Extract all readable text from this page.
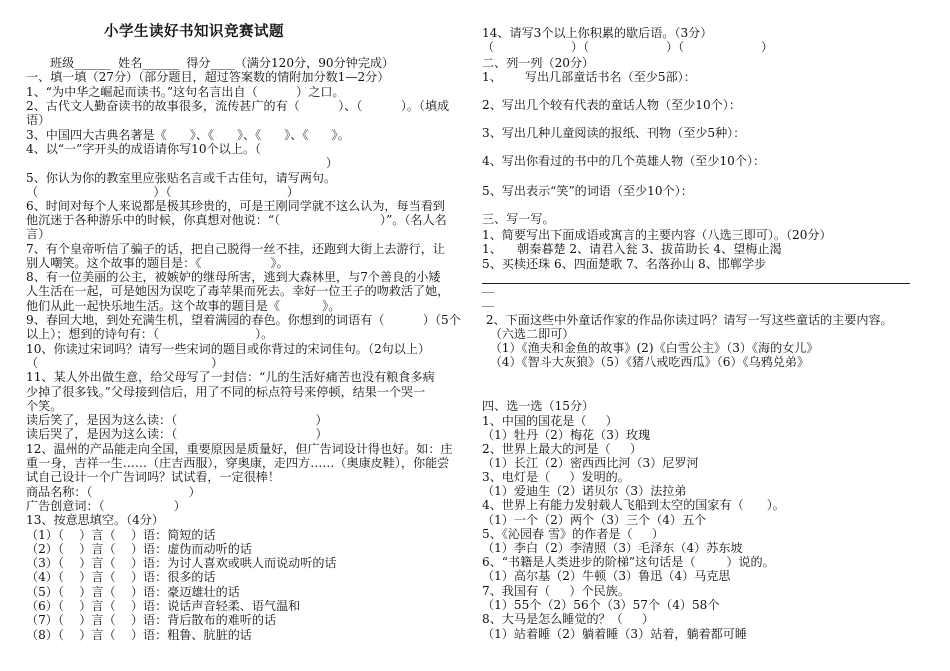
小学生读好书知识竞赛试题
班级______  姓名______  得分____（满分120分，90分钟完成）
一、填一填（27分）（部分题目，超过答案数的情附加分数1—2分）
1、“为中华之崛起而读书。”这句名言出自（          ）之口。
2、古代文人勤奋读书的故事很多，流传甚广的有（          ）、（          ）。（填成
语）
3、中国四大古典名著是《      》、《      》、《      》、《      》。
4、以“一”字开头的成语请你写10个以上。（
）
5、你认为你的教室里应张贴名言或千古佳句，请写两句。
（                              ）（                              ）
6、时间对每个人来说都是极其珍贵的，可是王刚同学就不这么认为，每当看到
他沉迷于各种游乐中的时候，你真想对他说：“（                          ）”。（名人名
言）
7、有个皇帝听信了骗子的话，把自己脱得一丝不挂，还跑到大街上去游行，让
别人嘲笑。这个故事的题目是：《                  》。
8、有一位美丽的公主，被嫉妒的继母所害，逃到大森林里，与7个善良的小矮
人生活在一起，可是她因为误吃了毒苹果而死去。幸好一位王子的吻救活了她，
他们从此一起快乐地生活。这个故事的题目是《           》。
9、春回大地，到处充满生机，望着满园的春色。你想到的词语有（          ）（5个
以上）；想到的诗句有：（                         ）。
10、你读过宋词吗？请写一些宋词的题目或你背过的宋词佳句。（2句以上）
（                                             ）
11、某人外出做生意，给父母写了一封信：“儿的生活好痛苦也没有粮食多病
少掉了很多钱。”父母接到信后，用了不同的标点符号来停顿，结果一个哭一
个笑。
读后笑了，是因为这么读：（                                    ）
读后哭了，是因为这么读：（                                    ）
12、温州的产品能走向全国，重要原因是质量好，但广告词设计得也好。如：庄
重一身，吉祥一生……（庄吉西服），穿奥康，走四方……（奥康皮鞋），你能尝
试自己设计一个广告词吗？试试看，一定很棒！
商品名称：（                         ）
广告创意词：（                  ）
13、按意思填空。（4分）
（1）（    ）言（    ）语：简短的话
（2）（    ）言（    ）语：虚伪而动听的话
（3）（    ）言（    ）语：为讨人喜欢或哄人而说动听的话
（4）（    ）言（    ）语：很多的话
（5）（    ）言（    ）语：豪迈雄壮的话
（6）（    ）言（    ）语：说话声音轻柔、语气温和
（7）（    ）言（    ）语：背后散布的难听的话
（8）（    ）言（    ）语：粗鲁、肮脏的话
14、请写3个以上你积累的歇后语。（3分）
（                    ）（                    ）（                    ）
二、列一列（20分）
1、      写出几部童话书名（至少5部）：
2、写出几个较有代表的童话人物（至少10个）：
3、写出几种儿童阅读的报纸、刊物（至少5种）：
4、写出你看过的书中的几个英雄人物（至少10个）：
5、写出表示“笑”的词语（至少10个）：
三、写一写。
1、简要写出下面成语或寓言的主要内容（八选三即可）。（20分）
1、    朝秦暮楚 2、请君入瓮 3、拔苗助长 4、望梅止渴
5、买椟还珠 6、四面楚歌 7、名落孙山 8、邯郸学步
__
__
2、下面这些中外童话作家的作品你读过吗？请写一写这些童话的主要内容。
（六选二即可）
（1）《渔夫和金鱼的故事》(2)《白雪公主》（3）《海的女儿》
（4）《智斗大灰狼》（5）《猪八戒吃西瓜》（6）《乌鸦兑弟》
四、选一选（15分）
1、中国的国花是（     ）
（1）牡丹（2）梅花（3）玫瑰
2、世界上最大的河是（     ）
（1）长江（2）密西西比河（3）尼罗河
3、电灯是（     ）发明的。
（1）爱迪生（2）诺贝尔（3）法拉弟
4、世界上有能力发射载人飞船到太空的国家有（      ）。
（1）一个（2）两个（3）三个（4）五个
5、《沁园春 雪》的作者是（     ）
（1）李白（2）李清照（3）毛泽东（4）苏东坡
6、“书籍是人类进步的阶梯”这句话是（        ）说的。
（1）高尔基（2）牛顿（3）鲁迅（4）马克思
7、我国有（     ）个民族。
（1）55个（2）56个（3）57个（4）58个
8、大马是怎么睡觉的？（     ）
（1）站着睡（2）躺着睡（3）站着，躺着都可睡
